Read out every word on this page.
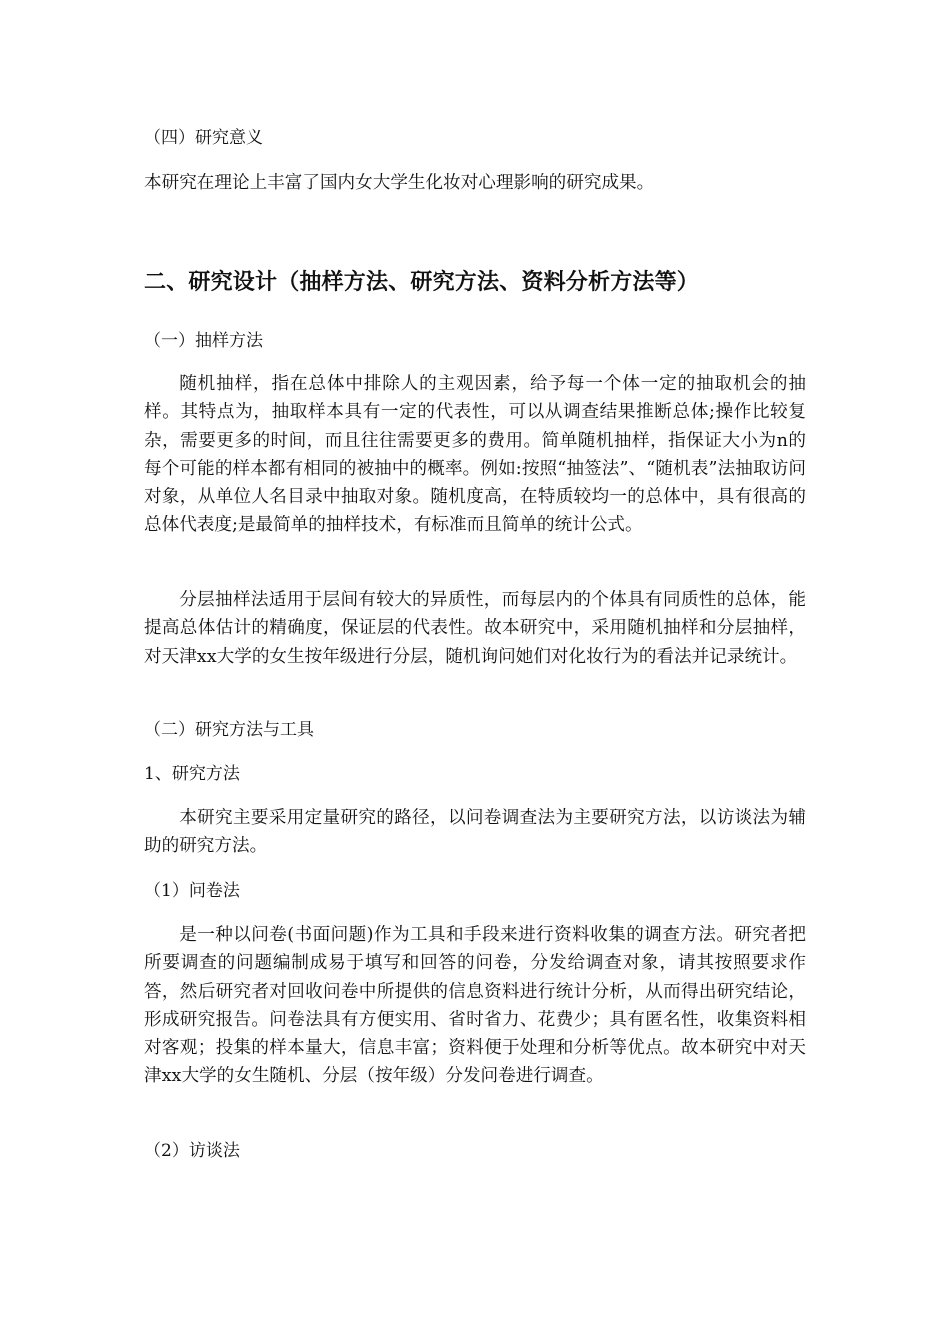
（四）研究意义

本研究在理论上丰富了国内女大学生化妆对心理影响的研究成果。

二、研究设计（抽样方法、研究方法、资料分析方法等）

（一）抽样方法

随机抽样，指在总体中排除人的主观因素，给予每一个体一定的抽取机会的抽样。其特点为，抽取样本具有一定的代表性，可以从调查结果推断总体;操作比较复杂，需要更多的时间，而且往往需要更多的费用。简单随机抽样，指保证大小为n的每个可能的样本都有相同的被抽中的概率。例如:按照“抽签法”、“随机表”法抽取访问对象，从单位人名目录中抽取对象。随机度高，在特质较均一的总体中，具有很高的总体代表度;是最简单的抽样技术，有标准而且简单的统计公式。

分层抽样法适用于层间有较大的异质性，而每层内的个体具有同质性的总体，能提高总体估计的精确度，保证层的代表性。故本研究中，采用随机抽样和分层抽样，对天津xx大学的女生按年级进行分层，随机询问她们对化妆行为的看法并记录统计。

（二）研究方法与工具

1、研究方法

本研究主要采用定量研究的路径，以问卷调查法为主要研究方法，以访谈法为辅助的研究方法。

（1）问卷法

是一种以问卷(书面问题)作为工具和手段来进行资料收集的调查方法。研究者把所要调查的问题编制成易于填写和回答的问卷，分发给调查对象，请其按照要求作答，然后研究者对回收问卷中所提供的信息资料进行统计分析，从而得出研究结论，形成研究报告。问卷法具有方便实用、省时省力、花费少；具有匿名性，收集资料相对客观；投集的样本量大，信息丰富；资料便于处理和分析等优点。故本研究中对天津xx大学的女生随机、分层（按年级）分发问卷进行调查。

（2）访谈法
